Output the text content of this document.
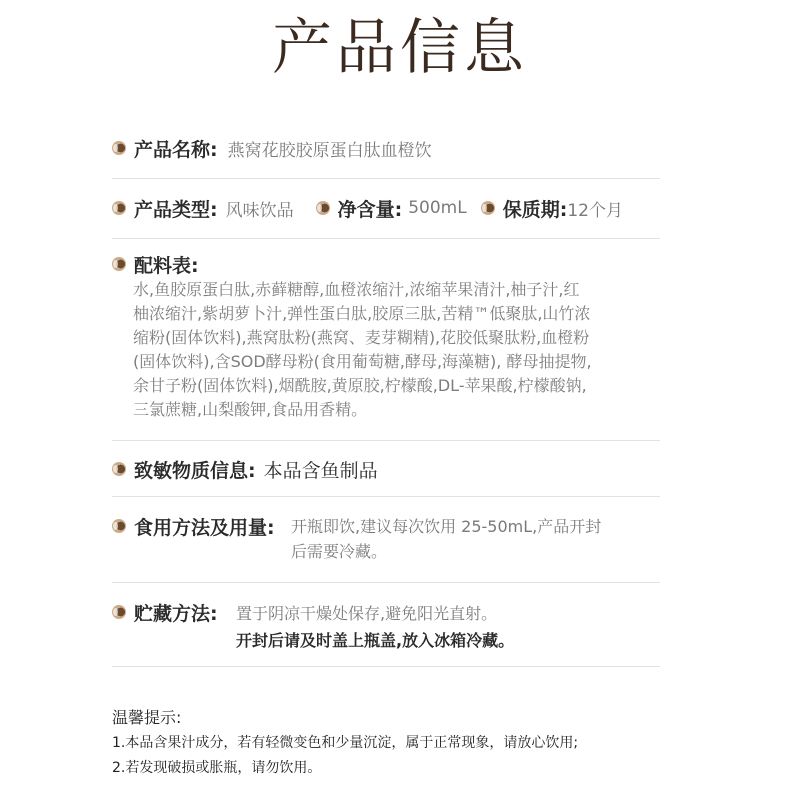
产品信息
产品名称: 燕窝花胶胶原蛋白肽血橙饮
产品类型: 风味饮品 净含量: 500mL 保质期: 12个月
配料表:
水,鱼胶原蛋白肽,赤藓糖醇,血橙浓缩汁,浓缩苹果清汁,柚子汁,红
柚浓缩汁,紫胡萝卜汁,弹性蛋白肽,胶原三肽,苦精™低聚肽,山竹浓
缩粉(固体饮料),燕窝肽粉(燕窝、麦芽糊精),花胶低聚肽粉,血橙粉
(固体饮料),含SOD酵母粉(食用葡萄糖,酵母,海藻糖), 酵母抽提物,
余甘子粉(固体饮料),烟酰胺,黄原胶,柠檬酸,DL-苹果酸,柠檬酸钠,
三氯蔗糖,山梨酸钾,食品用香精。
致敏物质信息: 本品含鱼制品
食用方法及用量: 开瓶即饮,建议每次饮用 25-50mL,产品开封
后需要冷藏。
贮藏方法: 置于阴凉干燥处保存,避免阳光直射。
开封后请及时盖上瓶盖,放入冰箱冷藏。
温馨提示:
1.本品含果汁成分，若有轻微变色和少量沉淀，属于正常现象，请放心饮用;
2.若发现破损或胀瓶，请勿饮用。
